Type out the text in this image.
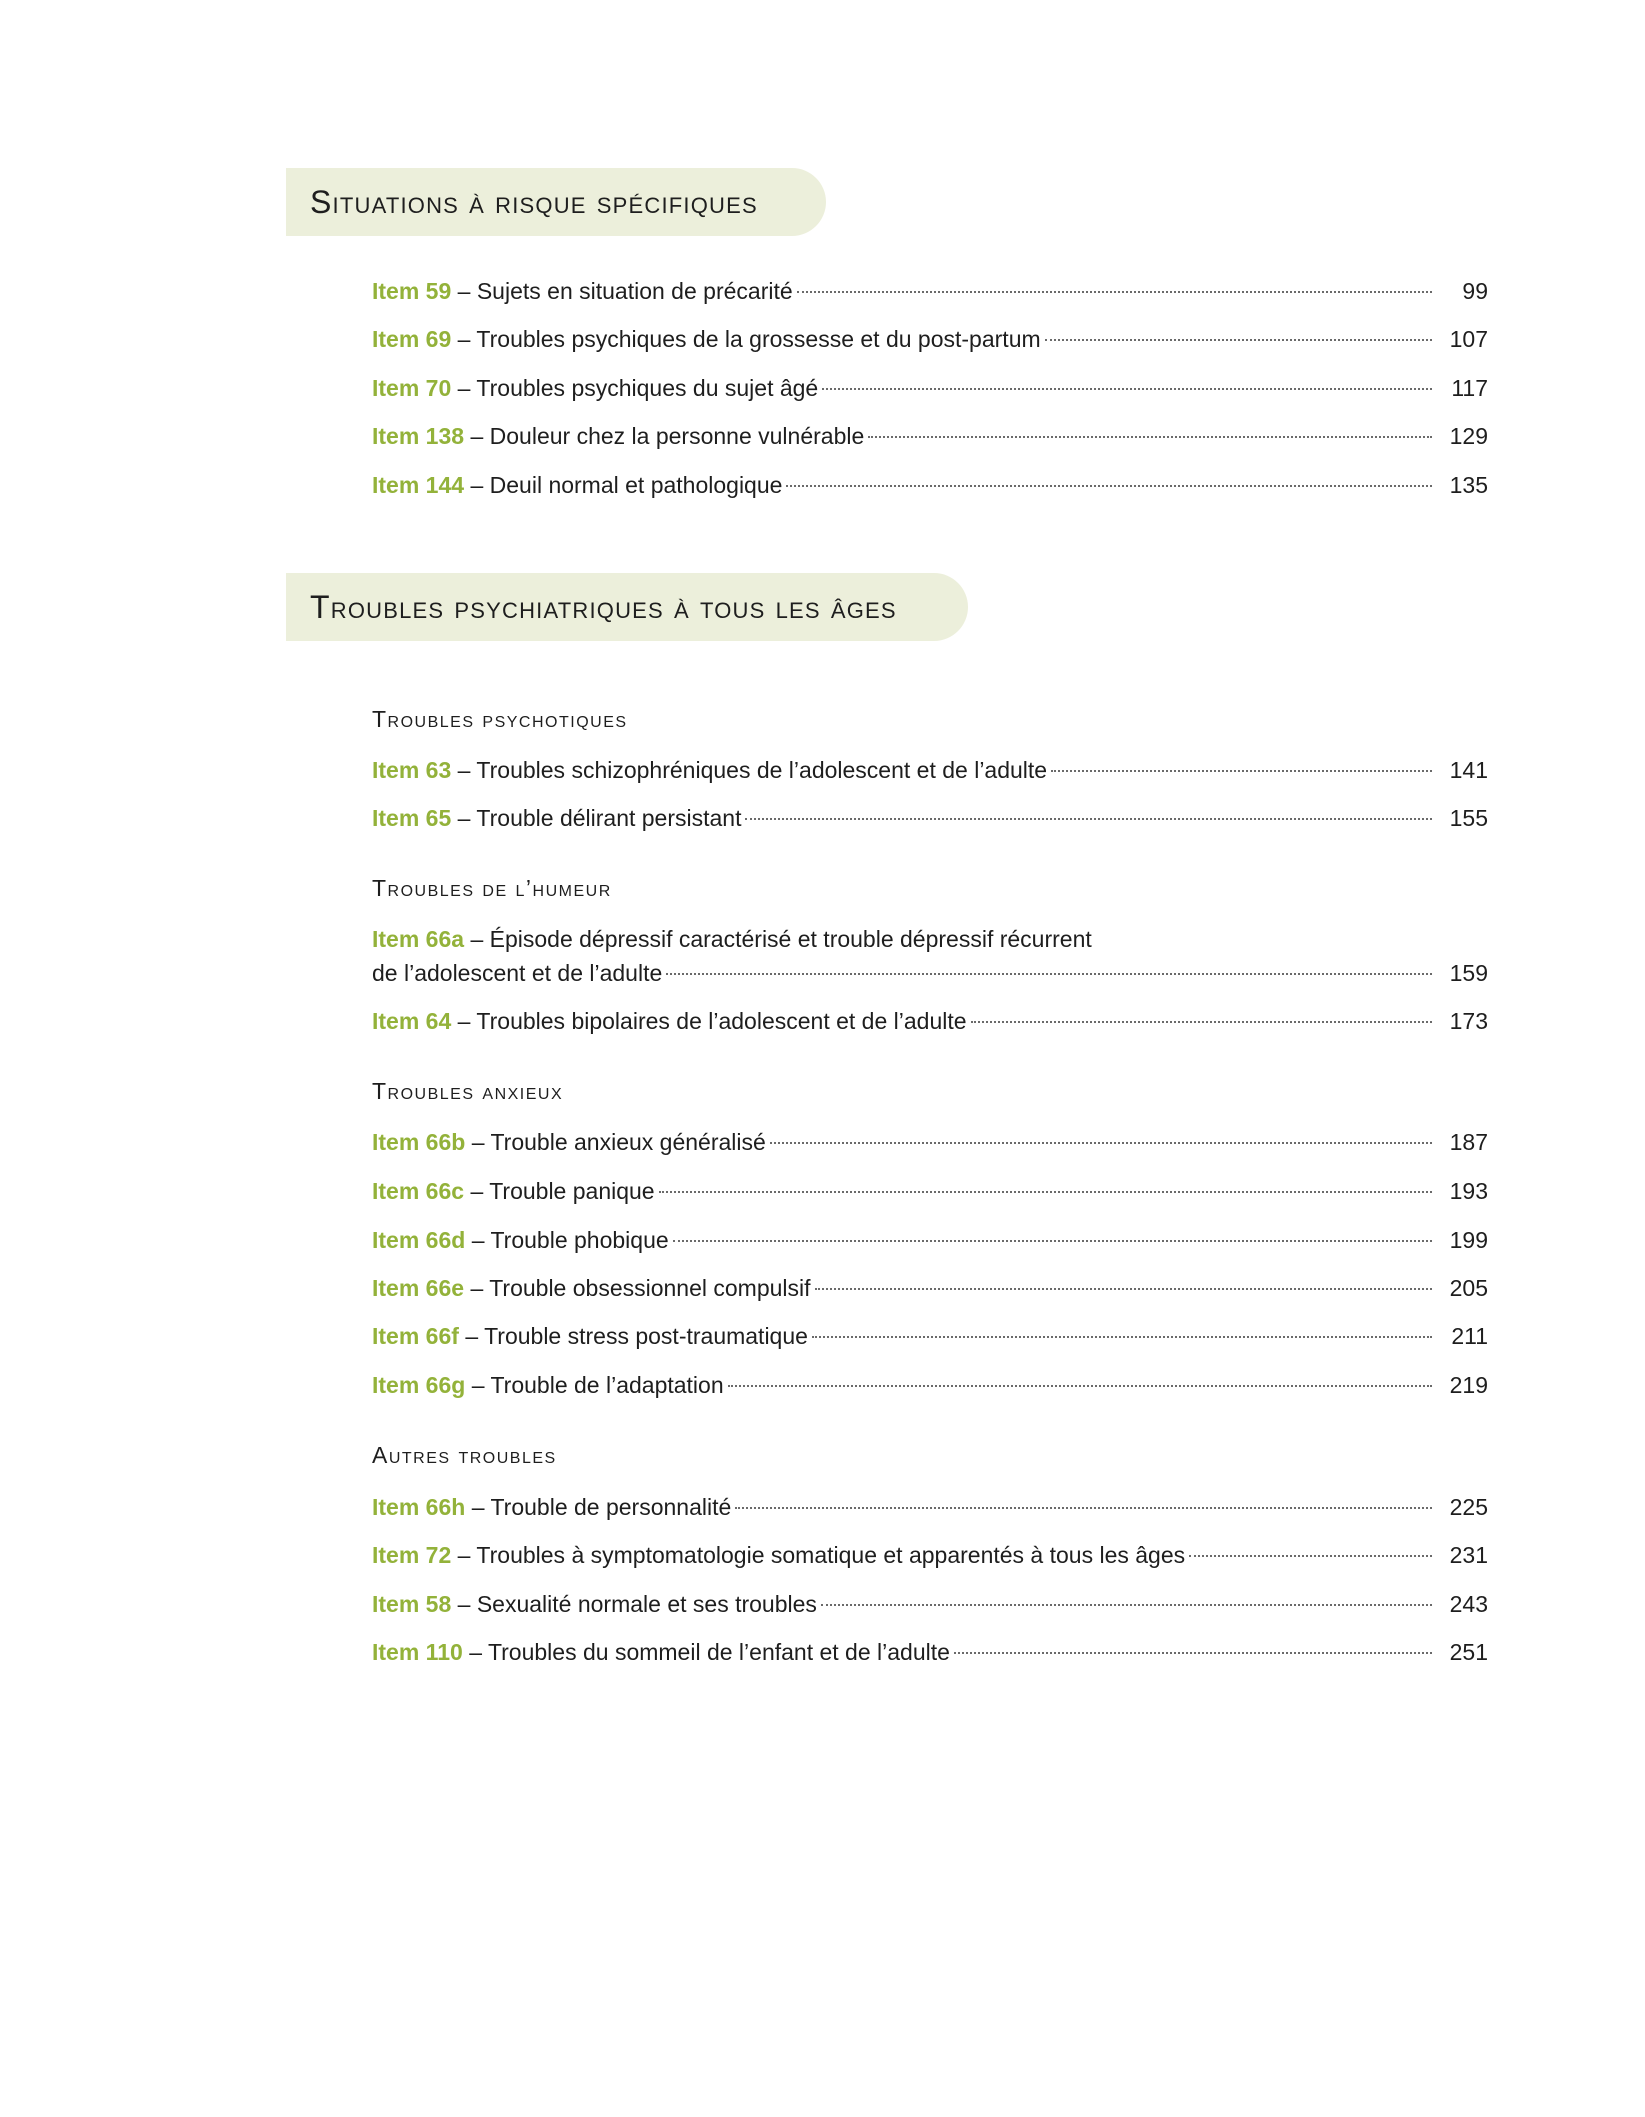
Situations à risque spécifiques
Item 59
– Sujets en situation de précarité	99
Item 69
– Troubles psychiques de la grossesse et du post-partum	107
Item 70
– Troubles psychiques du sujet âgé	117
Item 138
– Douleur chez la personne vulnérable	129
Item 144
– Deuil normal et pathologique	135
Troubles psychiatriques à tous les âges
Troubles psychotiques
Item 63
– Troubles schizophréniques de l’adolescent et de l’adulte	141
Item 65
– Trouble délirant persistant	155
Troubles de l’humeur
Item 66a
– Épisode dépressif caractérisé et trouble dépressif récurrent
de l’adolescent et de l’adulte	159
Item 64
– Troubles bipolaires de l’adolescent et de l’adulte	173
Troubles anxieux
Item 66b
– Trouble anxieux généralisé	187
Item 66c
– Trouble panique	193
Item 66d
– Trouble phobique	199
Item 66e
– Trouble obsessionnel compulsif	205
Item 66f
– Trouble stress post-traumatique	211
Item 66g
– Trouble de l’adaptation	219
Autres troubles
Item 66h
– Trouble de personnalité	225
Item 72
– Troubles à symptomatologie somatique et apparentés à tous les âges	231
Item 58
– Sexualité normale et ses troubles	243
Item 110
– Troubles du sommeil de l’enfant et de l’adulte	251
